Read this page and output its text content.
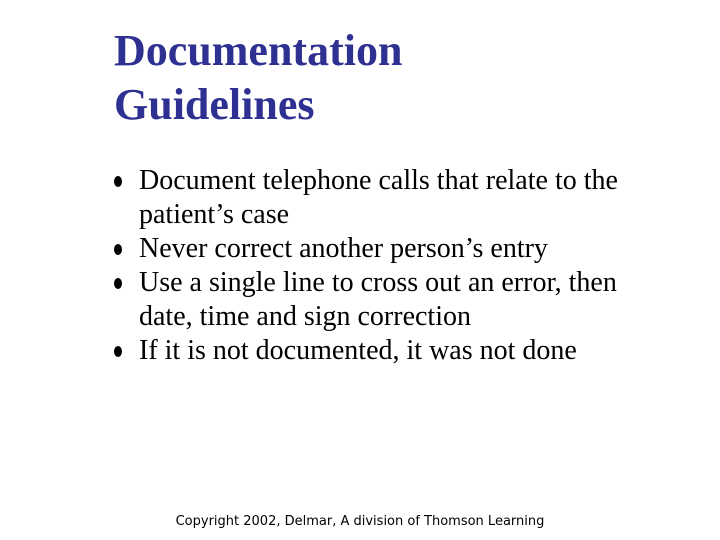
Documentation
Guidelines
Document telephone calls that relate to the patient’s case
Never correct another person’s entry
Use a single line to cross out an error, then date, time and sign correction
If it is not documented, it was not done
Copyright 2002, Delmar, A division of Thomson Learning
